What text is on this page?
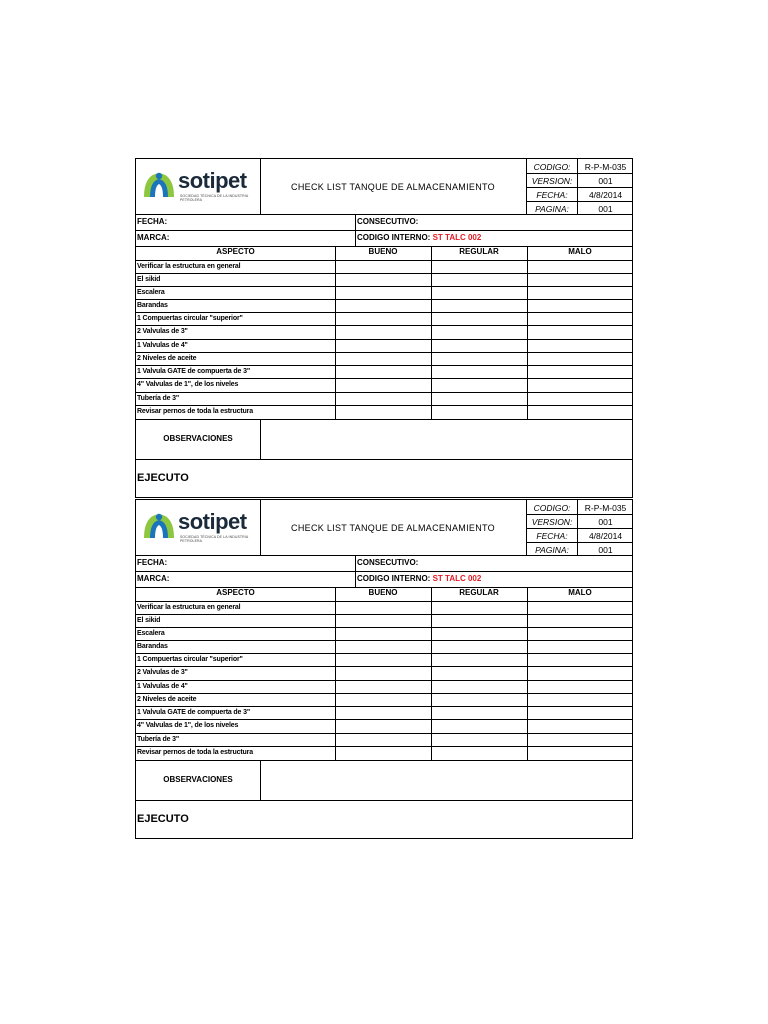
sotipet
SOCIEDAD TÉCNICA DE LA INDUSTRIA PETROLERA
CHECK LIST TANQUE DE ALMACENAMIENTO
CODIGO:	R-P-M-035
VERSION:	001
FECHA:	4/8/2014
PAGINA:	001
FECHA:	CONSECUTIVO:
MARCA:	CODIGO INTERNO: ST TALC 002
ASPECTO	BUENO	REGULAR	MALO
Verificar la estructura en general
El sikid
Escalera
Barandas
1 Compuertas circular "superior"
2 Valvulas de 3"
1 Valvulas de 4"
2 Niveles de aceite
1 Valvula GATE de compuerta de 3"
4" Valvulas de 1", de los niveles
Tubería de 3"
Revisar pernos de toda la estructura
OBSERVACIONES
EJECUTO
sotipet
SOCIEDAD TÉCNICA DE LA INDUSTRIA PETROLERA
CHECK LIST TANQUE DE ALMACENAMIENTO
CODIGO:	R-P-M-035
VERSION:	001
FECHA:	4/8/2014
PAGINA:	001
FECHA:	CONSECUTIVO:
MARCA:	CODIGO INTERNO: ST TALC 002
ASPECTO	BUENO	REGULAR	MALO
Verificar la estructura en general
El sikid
Escalera
Barandas
1 Compuertas circular "superior"
2 Valvulas de 3"
1 Valvulas de 4"
2 Niveles de aceite
1 Valvula GATE de compuerta de 3"
4" Valvulas de 1", de los niveles
Tubería de 3"
Revisar pernos de toda la estructura
OBSERVACIONES
EJECUTO
